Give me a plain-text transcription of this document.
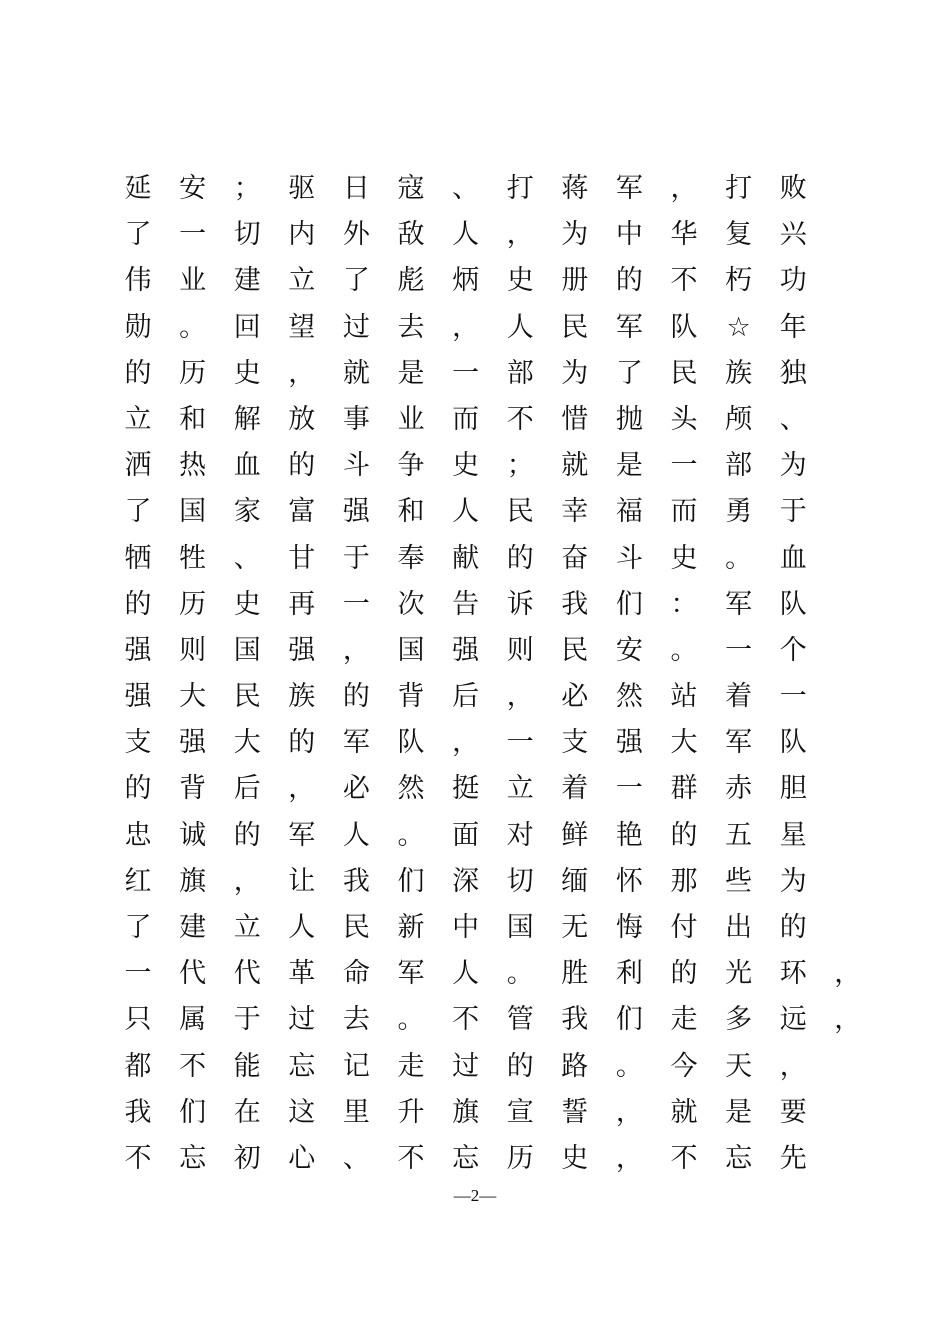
延 安 ； 驱 日 寇 、 打 蒋 军 ， 打 败
了 一 切 内 外 敌 人 ， 为 中 华 复 兴
伟 业 建 立 了 彪 炳 史 册 的 不 朽 功
勋 。 回 望 过 去 ， 人 民 军 队 ☆ 年
的 历 史 ， 就 是 一 部 为 了 民 族 独
立 和 解 放 事 业 而 不 惜 抛 头 颅 、
洒 热 血 的 斗 争 史 ； 就 是 一 部 为
了 国 家 富 强 和 人 民 幸 福 而 勇 于
牺 牲 、 甘 于 奉 献 的 奋 斗 史 。 血
的 历 史 再 一 次 告 诉 我 们 ： 军 队
强 则 国 强 ， 国 强 则 民 安 。 一 个
强 大 民 族 的 背 后 ， 必 然 站 着 一
支 强 大 的 军 队 ， 一 支 强 大 军 队
的 背 后 ， 必 然 挺 立 着 一 群 赤 胆
忠 诚 的 军 人 。 面 对 鲜 艳 的 五 星
红 旗 ， 让 我 们 深 切 缅 怀 那 些 为
了 建 立 人 民 新 中 国 无 悔 付 出 的
一 代 代 革 命 军 人 。 胜 利 的 光 环 ，
只 属 于 过 去 。 不 管 我 们 走 多 远 ，
都 不 能 忘 记 走 过 的 路 。 今 天 ，
我 们 在 这 里 升 旗 宣 誓 ， 就 是 要
不 忘 初 心 、 不 忘 历 史 ， 不 忘 先
—2—
